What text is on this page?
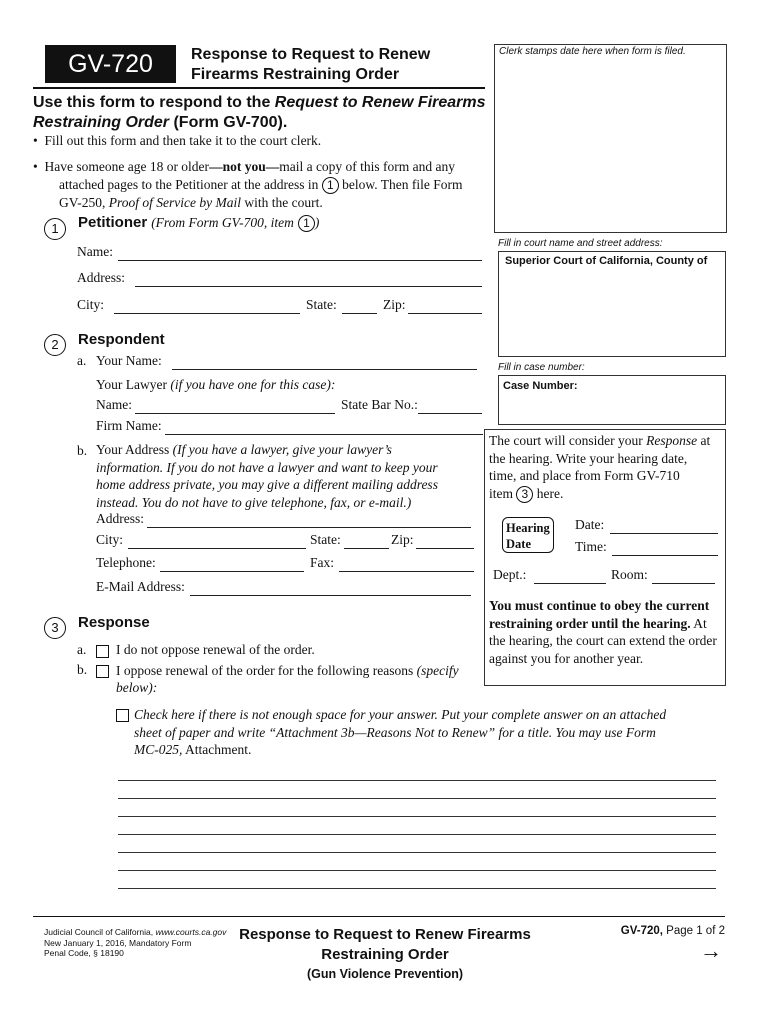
GV-720	Response to Request to Renew
Firearms Restraining Order
Clerk stamps date here when form is filed.
Use this form to respond to the Request to Renew Firearms
Restraining Order (Form GV-700).
•  Fill out this form and then take it to the court clerk.
•  Have someone age 18 or older—not you—mail a copy of this form and any
attached pages to the Petitioner at the address in 1 below. Then file Form
GV-250, Proof of Service by Mail with the court.
Fill in court name and street address:
Superior Court of California, County of
Fill in case number:
Case Number:
1	Petitioner (From Form GV-700, item 1 )
Name:
Address:
City:	State:	Zip:
2	Respondent
a. Your Name:
Your Lawyer (if you have one for this case):
Name:	State Bar No.:
Firm Name:
b. Your Address (If you have a lawyer, give your lawyer’s
information. If you do not have a lawyer and want to keep your
home address private, you may give a different mailing address
instead. You do not have to give telephone, fax, or e-mail.)
Address:
City:	State:	Zip:
Telephone:	Fax:
E-Mail Address:
The court will consider your Response at
the hearing. Write your hearing date,
time, and place from Form GV-710
item 3 here.
Hearing
Date
Date:
Time:
Dept.:	Room:
You must continue to obey the current
restraining order until the hearing. At
the hearing, the court can extend the order
against you for another year.
3	Response
a. I do not oppose renewal of the order.
b. I oppose renewal of the order for the following reasons (specify
below):
Check here if there is not enough space for your answer. Put your complete answer on an attached
sheet of paper and write “Attachment 3b—Reasons Not to Renew” for a title. You may use Form
MC-025, Attachment.
Judicial Council of California, www.courts.ca.gov
New January 1, 2016, Mandatory Form
Penal Code, § 18190
Response to Request to Renew Firearms
Restraining Order
(Gun Violence Prevention)
GV-720, Page 1 of 2
→
